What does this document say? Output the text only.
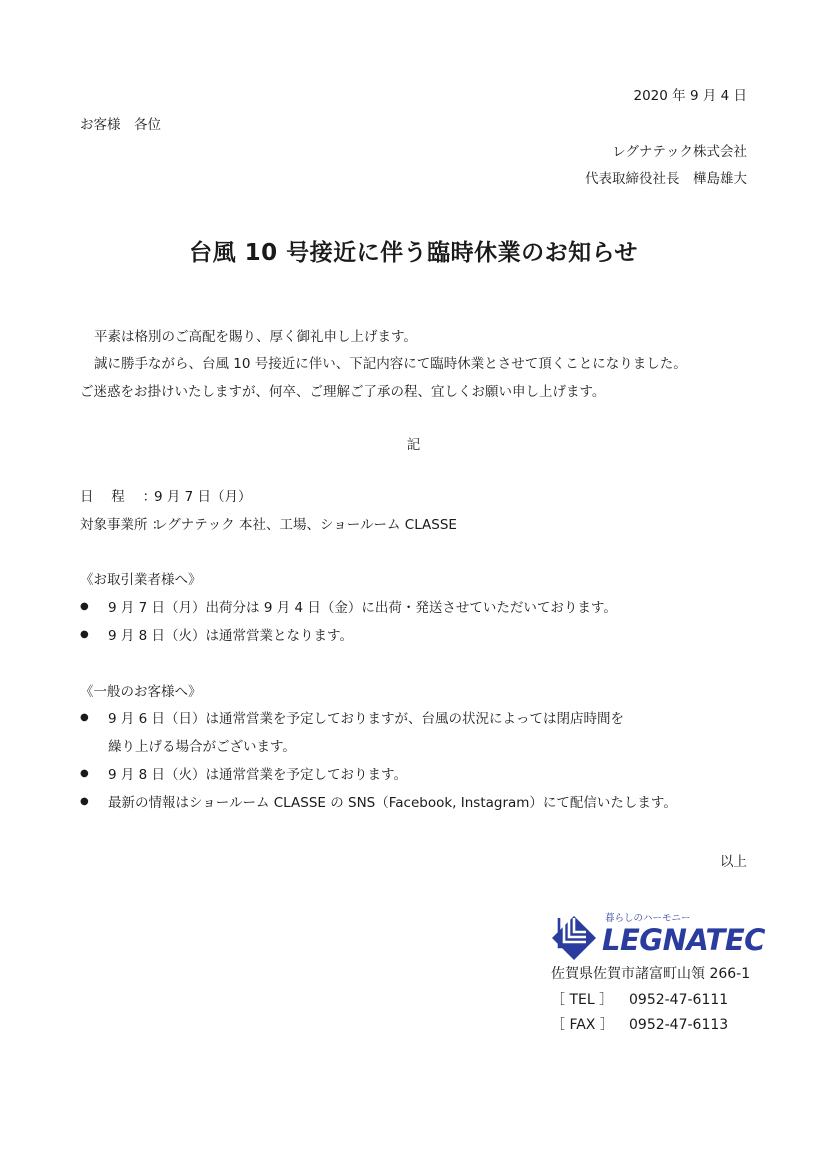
2020 年 9 月 4 日
お客様　各位
レグナテック株式会社
代表取締役社長　樺島雄大
台風 10 号接近に伴う臨時休業のお知らせ
平素は格別のご高配を賜り、厚く御礼申し上げます。
誠に勝手ながら、台風 10 号接近に伴い、下記内容にて臨時休業とさせて頂くことになりました。
ご迷惑をお掛けいたしますが、何卒、ご理解ご了承の程、宜しくお願い申し上げます。
記
日　 程　 ：
9 月 7 日（月）
対象事業所 ：
レグナテック 本社、工場、ショールーム CLASSE
《お取引業者様へ》
● 9 月 7 日（月）出荷分は 9 月 4 日（金）に出荷・発送させていただいております。
● 9 月 8 日（火）は通常営業となります。
《一般のお客様へ》
● 9 月 6 日（日）は通常営業を予定しておりますが、台風の状況によっては閉店時間を
繰り上げる場合がございます。
● 9 月 8 日（火）は通常営業を予定しております。
● 最新の情報はショールーム CLASSE の SNS（Facebook, Instagram）にて配信いたします。
以上
暮らしのハーモニー
LEGNATEC
佐賀県佐賀市諸富町山領 266-1
［ TEL ］ 0952-47-6111
［ FAX ］ 0952-47-6113
